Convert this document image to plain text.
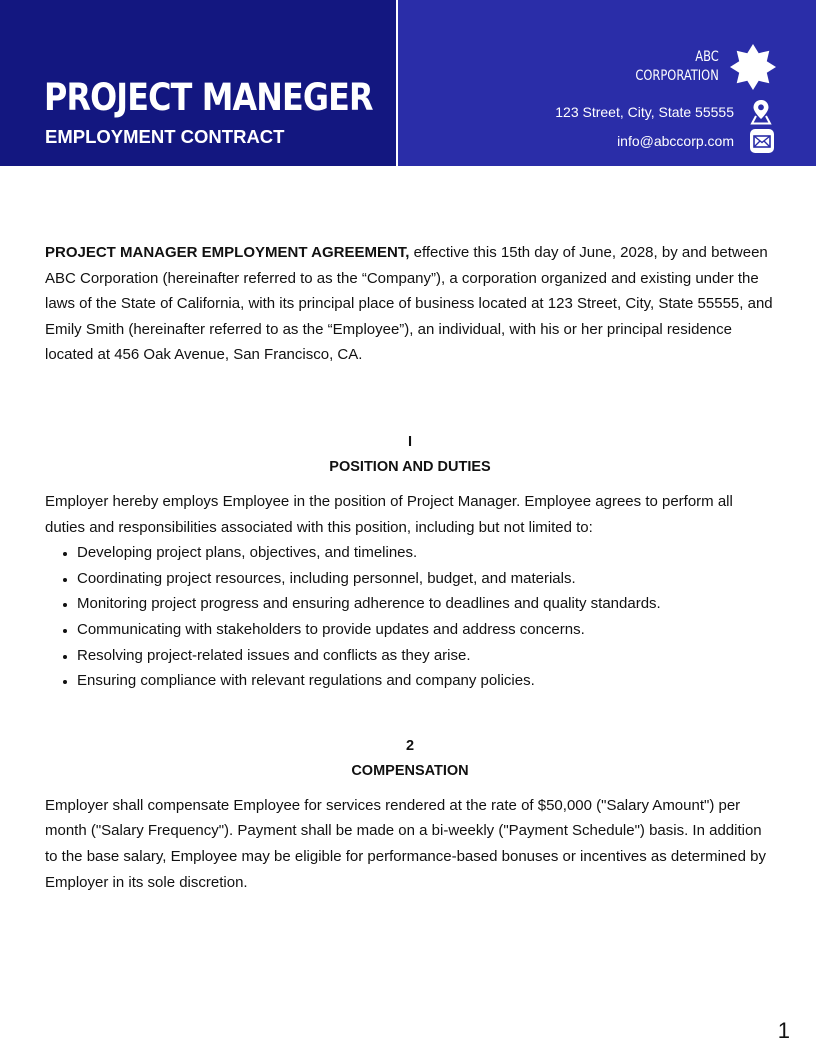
PROJECT MANEGER
EMPLOYMENT CONTRACT
ABC
CORPORATION
123 Street, City, State 55555
info@abccorp.com

PROJECT MANAGER EMPLOYMENT AGREEMENT, effective this 15th day of June, 2028, by and between ABC Corporation (hereinafter referred to as the “Company”), a corporation organized and existing under the laws of the State of California, with its principal place of business located at 123 Street, City, State 55555, and Emily Smith (hereinafter referred to as the “Employee”), an individual, with his or her principal residence located at 456 Oak Avenue, San Francisco, CA.

I
POSITION AND DUTIES

Employer hereby employs Employee in the position of Project Manager. Employee agrees to perform all duties and responsibilities associated with this position, including but not limited to:

• Developing project plans, objectives, and timelines.
• Coordinating project resources, including personnel, budget, and materials.
• Monitoring project progress and ensuring adherence to deadlines and quality standards.
• Communicating with stakeholders to provide updates and address concerns.
• Resolving project-related issues and conflicts as they arise.
• Ensuring compliance with relevant regulations and company policies.
2
COMPENSATION

Employer shall compensate Employee for services rendered at the rate of $50,000 ("Salary Amount") per month ("Salary Frequency"). Payment shall be made on a bi-weekly ("Payment Schedule") basis. In addition to the base salary, Employee may be eligible for performance-based bonuses or incentives as determined by Employer in its sole discretion.

1
